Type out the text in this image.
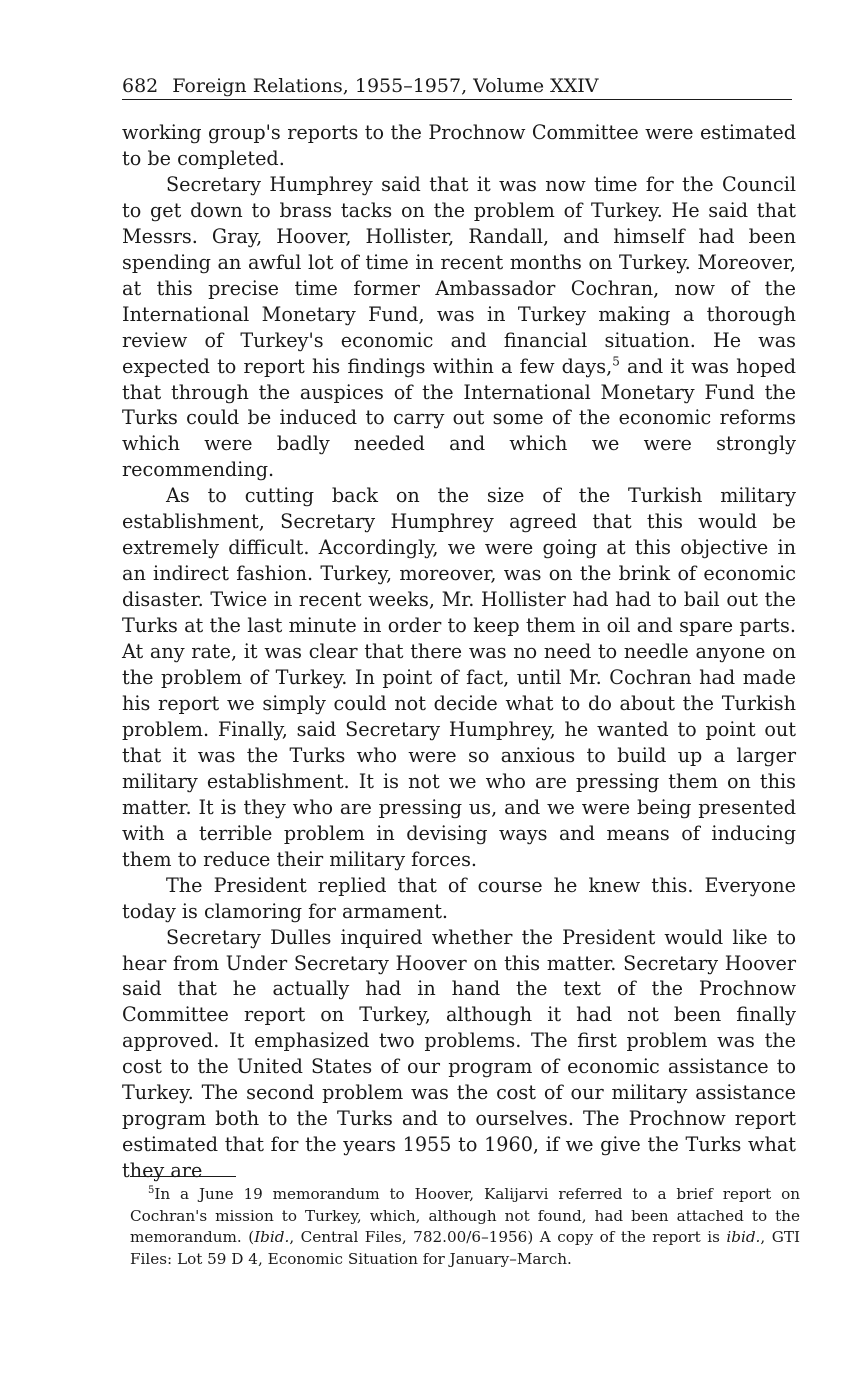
682 Foreign Relations, 1955–1957, Volume XXIV

working group's reports to the Prochnow Committee were estimated to be completed.

Secretary Humphrey said that it was now time for the Council to get down to brass tacks on the problem of Turkey. He said that Messrs. Gray, Hoover, Hollister, Randall, and himself had been spending an awful lot of time in recent months on Turkey. Moreover, at this precise time former Ambassador Cochran, now of the International Monetary Fund, was in Turkey making a thorough review of Turkey's economic and financial situation. He was expected to report his findings within a few days,$^5$ and it was hoped that through the auspices of the International Monetary Fund the Turks could be induced to carry out some of the economic reforms which were badly needed and which we were strongly recommending.

As to cutting back on the size of the Turkish military establishment, Secretary Humphrey agreed that this would be extremely difficult. Accordingly, we were going at this objective in an indirect fashion. Turkey, moreover, was on the brink of economic disaster. Twice in recent weeks, Mr. Hollister had had to bail out the Turks at the last minute in order to keep them in oil and spare parts. At any rate, it was clear that there was no need to needle anyone on the problem of Turkey. In point of fact, until Mr. Cochran had made his report we simply could not decide what to do about the Turkish problem. Finally, said Secretary Humphrey, he wanted to point out that it was the Turks who were so anxious to build up a larger military establishment. It is not we who are pressing them on this matter. It is they who are pressing us, and we were being presented with a terrible problem in devising ways and means of inducing them to reduce their military forces.

The President replied that of course he knew this. Everyone today is clamoring for armament.

Secretary Dulles inquired whether the President would like to hear from Under Secretary Hoover on this matter. Secretary Hoover said that he actually had in hand the text of the Prochnow Committee report on Turkey, although it had not been finally approved. It emphasized two problems. The first problem was the cost to the United States of our program of economic assistance to Turkey. The second problem was the cost of our military assistance program both to the Turks and to ourselves. The Prochnow report estimated that for the years 1955 to 1960, if we give the Turks what they are

$^5$In a June 19 memorandum to Hoover, Kalijarvi referred to a brief report on Cochran's mission to Turkey, which, although not found, had been attached to the memorandum. (Ibid., Central Files, 782.00/6–1956) A copy of the report is ibid., GTI Files: Lot 59 D 4, Economic Situation for January–March.
